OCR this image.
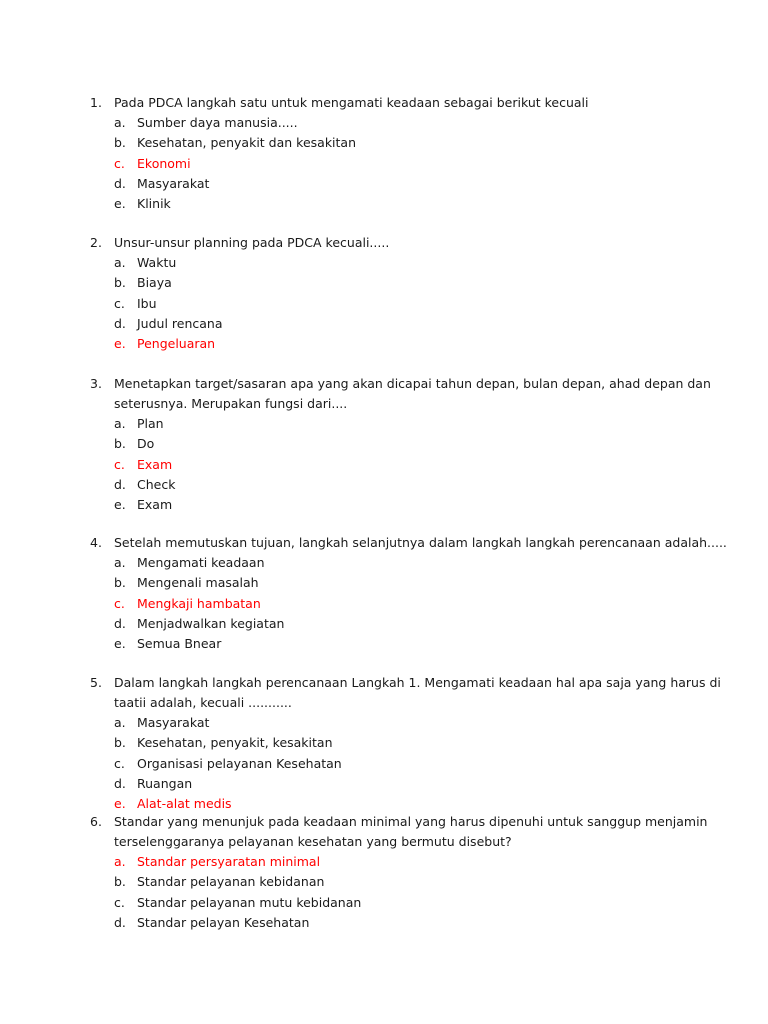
1. Pada PDCA langkah satu untuk mengamati keadaan sebagai berikut kecuali
a. Sumber daya manusia.....
b. Kesehatan, penyakit dan kesakitan
c. Ekonomi
d. Masyarakat
e. Klinik
2. Unsur-unsur planning pada PDCA kecuali.....
a. Waktu
b. Biaya
c. Ibu
d. Judul rencana
e. Pengeluaran
3. Menetapkan target/sasaran apa yang akan dicapai tahun depan, bulan depan, ahad depan dan
seterusnya. Merupakan fungsi dari....
a. Plan
b. Do
c. Exam
d. Check
e. Exam
4. Setelah memutuskan tujuan, langkah selanjutnya dalam langkah langkah perencanaan adalah.....
a. Mengamati keadaan
b. Mengenali masalah
c. Mengkaji hambatan
d. Menjadwalkan kegiatan
e. Semua Bnear
5. Dalam langkah langkah perencanaan Langkah 1. Mengamati keadaan hal apa saja yang harus di
taatii adalah, kecuali ...........
a. Masyarakat
b. Kesehatan, penyakit, kesakitan
c. Organisasi pelayanan Kesehatan
d. Ruangan
e. Alat-alat medis
6. Standar yang menunjuk pada keadaan minimal yang harus dipenuhi untuk sanggup menjamin
terselenggaranya pelayanan kesehatan yang bermutu disebut?
a. Standar persyaratan minimal
b. Standar pelayanan kebidanan
c. Standar pelayanan mutu kebidanan
d. Standar pelayan Kesehatan
